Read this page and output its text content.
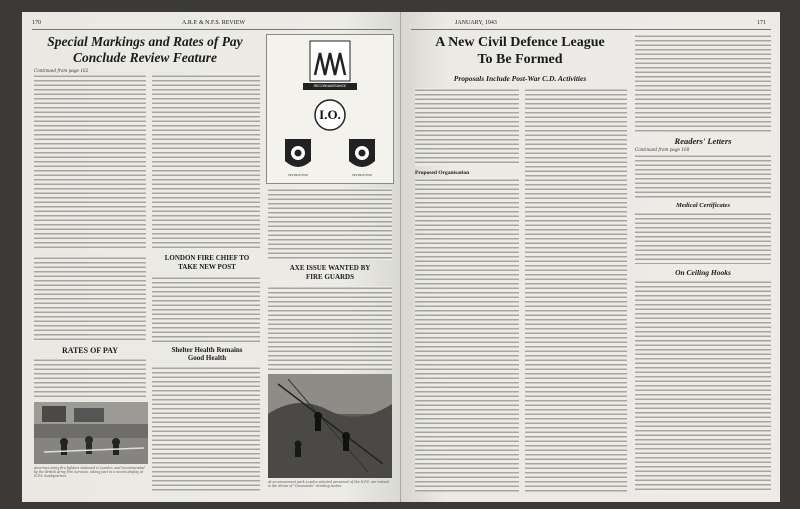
170	A.R.P. & N.F.S. REVIEW
Special Markings and Rates of Pay
Conclude Review Feature
Continued from page 162
RECONNAISSANCE
I.O.
INSTRUCTOR	INSTRUCTOR
LONDON FIRE CHIEF TO
TAKE NEW POST
Shelter Health Remains
Good Health
AXE ISSUE WANTED BY
FIRE GUARDS
RATES OF PAY
American Army fire fighters stationed in London, and recommended by the British Army Fire Services, taking part in a recent display at N.F.S. headquarters.
At an amusement park London selected personnel of the N.F.S. are trained in the duties of "Commando" climbing tactics.
JANUARY, 1943	171
A New Civil Defence League
To Be Formed
Proposals Include Post-War C.D. Activities
Proposed Organisation
Readers' Letters
Continued from page 168
Medical Certificates
On Ceiling Hooks
